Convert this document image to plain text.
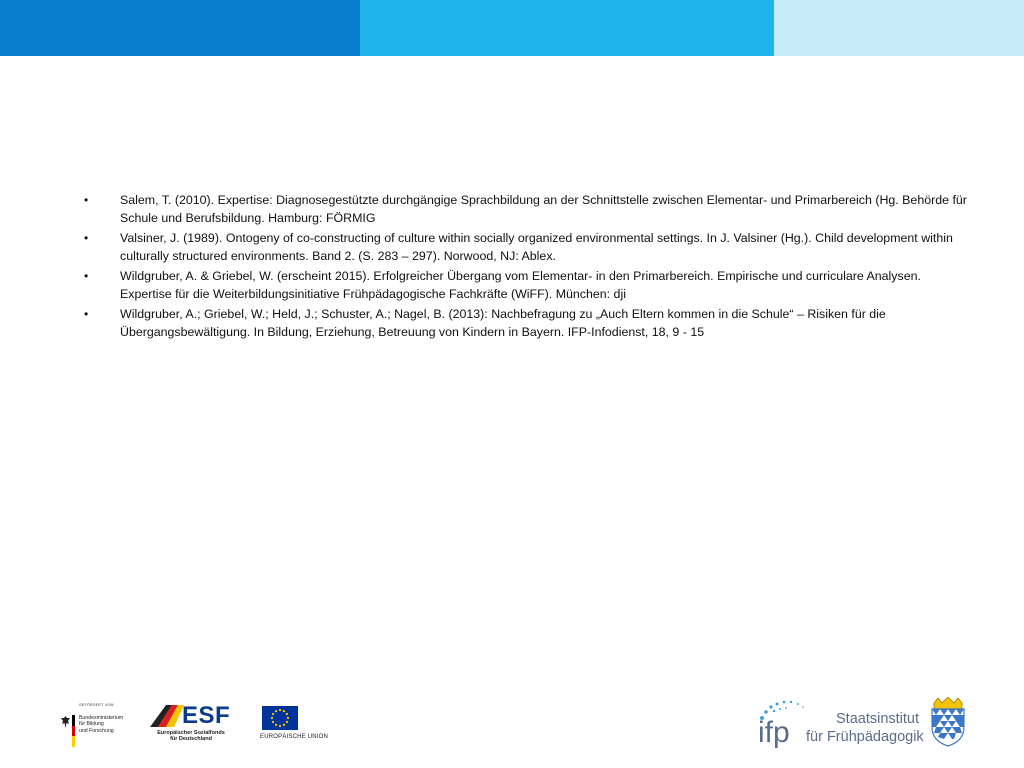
•	Salem, T. (2010). Expertise: Diagnosegestützte durchgängige Sprachbildung an der Schnittstelle zwischen Elementar- und Primarbereich (Hg. Behörde für Schule und Berufsbildung. Hamburg: FÖRMIG
•	Valsiner, J. (1989). Ontogeny of co-constructing of culture within socially organized environmental settings. In J. Valsiner (Hg.). Child development within culturally structured environments. Band 2. (S. 283 – 297). Norwood, NJ: Ablex.
•	Wildgruber, A. & Griebel, W. (erscheint 2015). Erfolgreicher Übergang vom Elementar- in den Primarbereich. Empirische und curriculare Analysen. Expertise für die Weiterbildungsinitiative Frühpädagogische Fachkräfte (WiFF). München: dji
•	Wildgruber, A.; Griebel, W.; Held, J.; Schuster, A.; Nagel, B. (2013): Nachbefragung zu „Auch Eltern kommen in die Schule“ – Risiken für die Übergangsbewältigung. In Bildung, Erziehung, Betreuung von Kindern in Bayern. IFP-Infodienst, 18, 9 - 15
GEFÖRDERT VOM
Bundesministerium
für Bildung
und Forschung
ESF
Europäischer Sozialfonds
für Deutschland	EUROPÄISCHE UNION	ifp	Staatsinstitut
für Frühpädagogik
